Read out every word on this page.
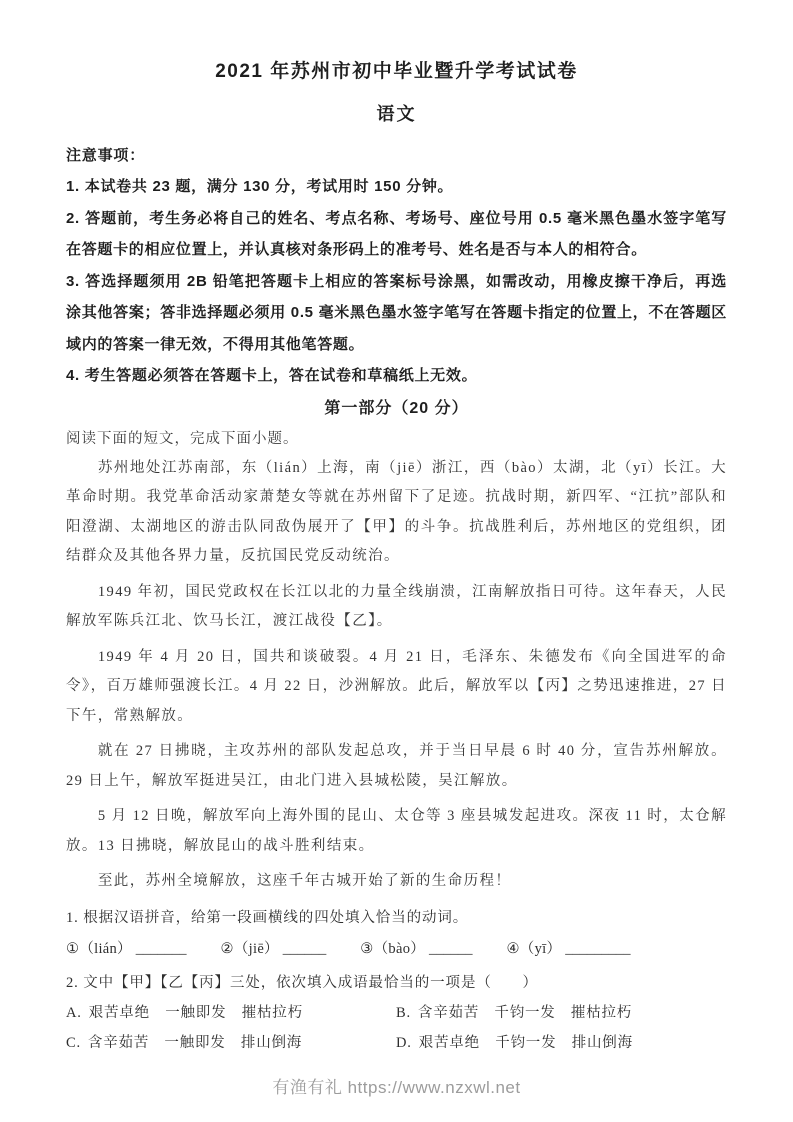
2021 年苏州市初中毕业暨升学考试试卷
语文
注意事项：

1. 本试卷共 23 题，满分 130 分，考试用时 150 分钟。

2. 答题前，考生务必将自己的姓名、考点名称、考场号、座位号用 0.5 毫米黑色墨水签字笔写在答题卡的相应位置上，并认真核对条形码上的准考号、姓名是否与本人的相符合。

3. 答选择题须用 2B 铅笔把答题卡上相应的答案标号涂黑，如需改动，用橡皮擦干净后，再选涂其他答案；答非选择题必须用 0.5 毫米黑色墨水签字笔写在答题卡指定的位置上，不在答题区域内的答案一律无效，不得用其他笔答题。

4. 考生答题必须答在答题卡上，答在试卷和草稿纸上无效。

第一部分（20 分）

阅读下面的短文，完成下面小题。

苏州地处江苏南部，东（lián）上海，南（jiē）浙江，西（bào）太湖，北（yī）长江。大革命时期。我党革命活动家萧楚女等就在苏州留下了足迹。抗战时期，新四军、“江抗”部队和阳澄湖、太湖地区的游击队同敌伪展开了【甲】的斗争。抗战胜利后，苏州地区的党组织，团结群众及其他各界力量，反抗国民党反动统治。

1949 年初，国民党政权在长江以北的力量全线崩溃，江南解放指日可待。这年春天，人民解放军陈兵江北、饮马长江，渡江战役【乙】。

1949 年 4 月 20 日，国共和谈破裂。4 月 21 日，毛泽东、朱德发布《向全国进军的命令》，百万雄师强渡长江。4 月 22 日，沙洲解放。此后，解放军以【丙】之势迅速推进，27 日下午，常熟解放。

就在 27 日拂晓，主攻苏州的部队发起总攻，并于当日早晨 6 时 40 分，宣告苏州解放。29 日上午，解放军挺进吴江，由北门进入县城松陵，吴江解放。

5 月 12 日晚，解放军向上海外围的昆山、太仓等 3 座县城发起进攻。深夜 11 时，太仓解放。13 日拂晓，解放昆山的战斗胜利结束。

至此，苏州全境解放，这座千年古城开始了新的生命历程！

1. 根据汉语拼音，给第一段画横线的四处填入恰当的动词。

①（lián） _______ ②（jiē） ______ ③（bào） ______ ④（yī） _________

2. 文中【甲】【乙【丙】三处，依次填入成语最恰当的一项是（　　）

A. 艰苦卓绝　一触即发　摧枯拉朽	B. 含辛茹苦　千钧一发　摧枯拉朽
C. 含辛茹苦　一触即发　排山倒海	D. 艰苦卓绝　千钧一发　排山倒海
有渔有礼 https://www.nzxwl.net
